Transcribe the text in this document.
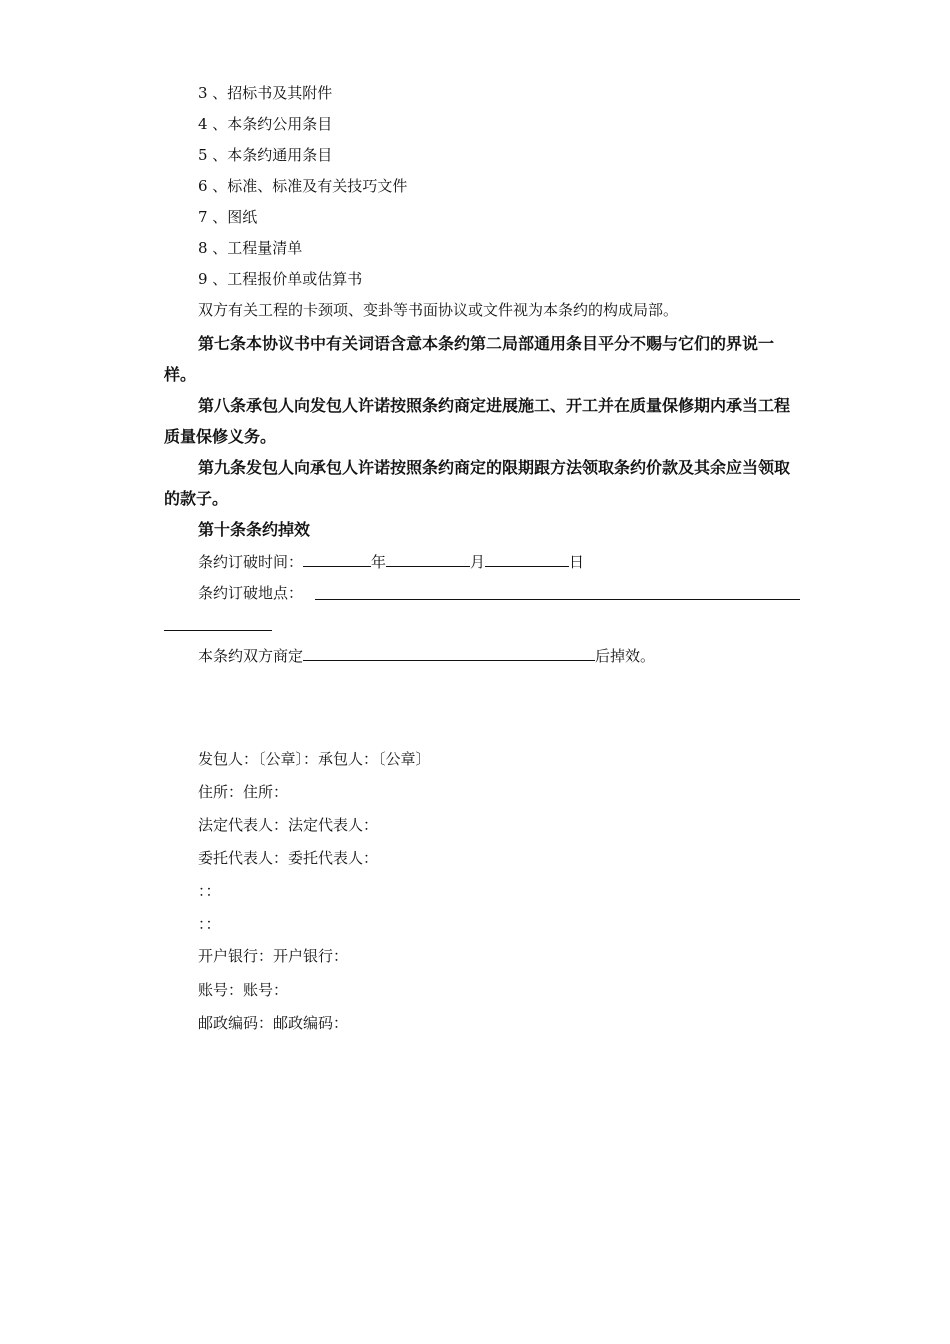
3 、招标书及其附件
4 、本条约公用条目
5 、本条约通用条目
6 、标准、标准及有关技巧文件
7 、图纸
8 、工程量清单
9 、工程报价单或估算书
双方有关工程的卡颈项、变卦等书面协议或文件视为本条约的构成局部。
第七条本协议书中有关词语含意本条约第二局部通用条目平分不赐与它们的界说一样。
第八条承包人向发包人许诺按照条约商定进展施工、开工并在质量保修期内承当工程质量保修义务。
第九条发包人向承包人许诺按照条约商定的限期跟方法领取条约价款及其余应当领取的款子。
第十条条约掉效
条约订破时间：	年	月	日
条约订破地点：
本条约双方商定	后掉效。
发包人：〔公章〕：承包人：〔公章〕
住所：住所：
法定代表人：法定代表人：
委托代表人：委托代表人：
：：
：：
开户银行：开户银行：
账号：账号：
邮政编码：邮政编码：
